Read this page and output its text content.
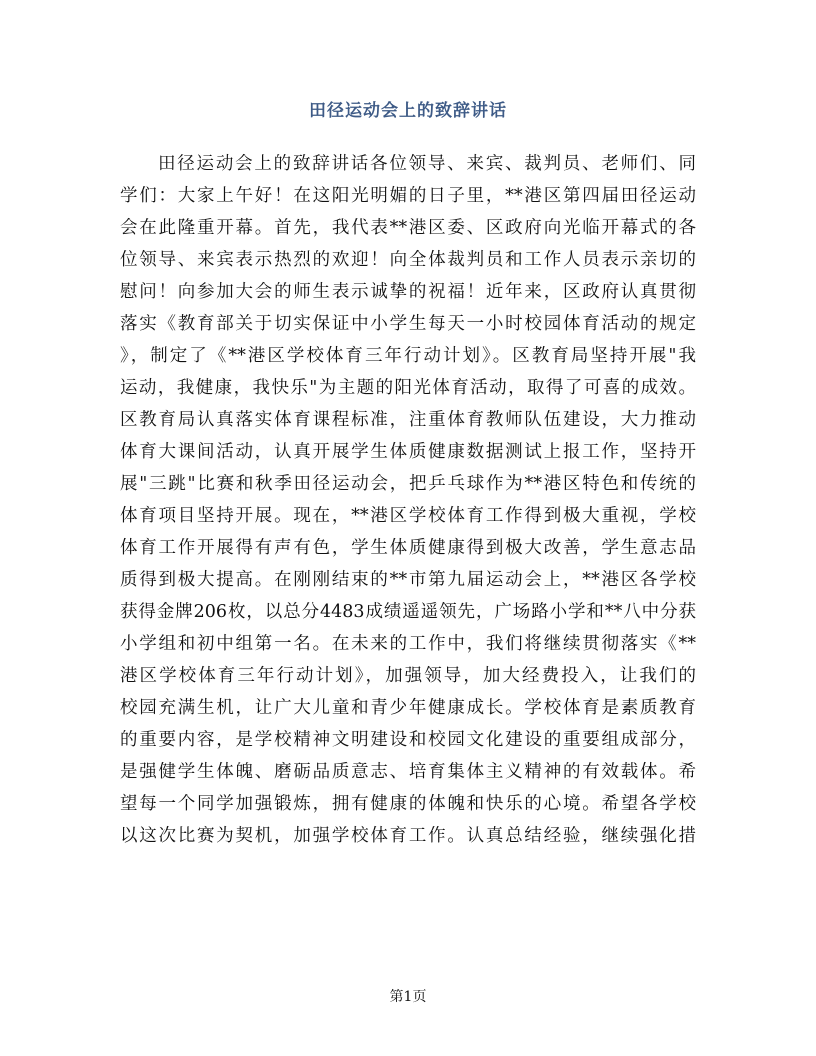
田径运动会上的致辞讲话
田径运动会上的致辞讲话各位领导、来宾、裁判员、老师们、同
学们：大家上午好！在这阳光明媚的日子里，**港区第四届田径运动
会在此隆重开幕。首先，我代表**港区委、区政府向光临开幕式的各
位领导、来宾表示热烈的欢迎！向全体裁判员和工作人员表示亲切的
慰问！向参加大会的师生表示诚挚的祝福！近年来，区政府认真贯彻
落实《教育部关于切实保证中小学生每天一小时校园体育活动的规定
》，制定了《**港区学校体育三年行动计划》。区教育局坚持开展"我
运动，我健康，我快乐"为主题的阳光体育活动，取得了可喜的成效。
区教育局认真落实体育课程标准，注重体育教师队伍建设，大力推动
体育大课间活动，认真开展学生体质健康数据测试上报工作，坚持开
展"三跳"比赛和秋季田径运动会，把乒乓球作为**港区特色和传统的
体育项目坚持开展。现在，**港区学校体育工作得到极大重视，学校
体育工作开展得有声有色，学生体质健康得到极大改善，学生意志品
质得到极大提高。在刚刚结束的**市第九届运动会上，**港区各学校
获得金牌206枚，以总分4483成绩遥遥领先，广场路小学和**八中分获
小学组和初中组第一名。在未来的工作中，我们将继续贯彻落实《**
港区学校体育三年行动计划》，加强领导，加大经费投入，让我们的
校园充满生机，让广大儿童和青少年健康成长。学校体育是素质教育
的重要内容，是学校精神文明建设和校园文化建设的重要组成部分，
是强健学生体魄、磨砺品质意志、培育集体主义精神的有效载体。希
望每一个同学加强锻炼，拥有健康的体魄和快乐的心境。希望各学校
以这次比赛为契机，加强学校体育工作。认真总结经验，继续强化措
第1页
